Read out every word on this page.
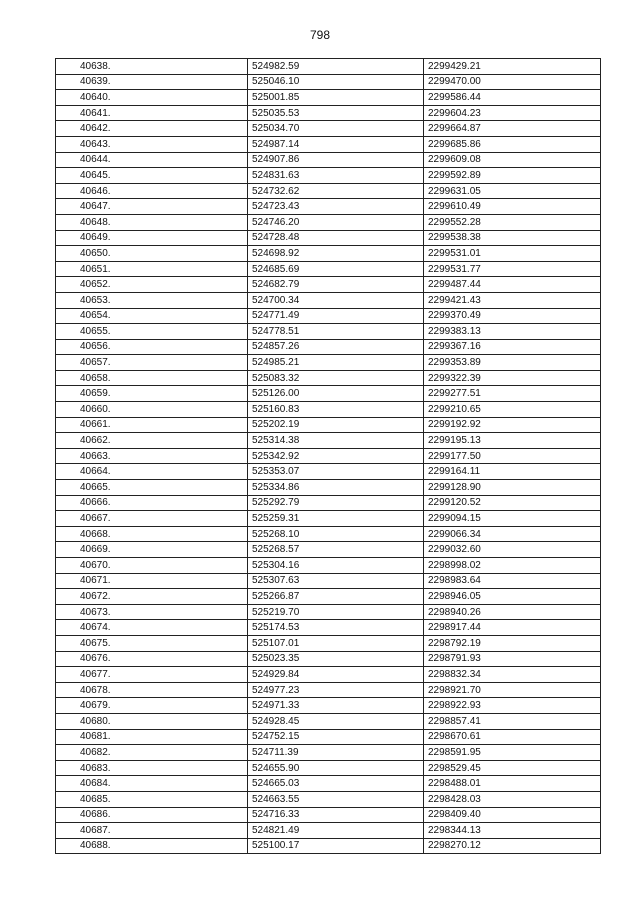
798
40638.	524982.59	2299429.21
40639.	525046.10	2299470.00
40640.	525001.85	2299586.44
40641.	525035.53	2299604.23
40642.	525034.70	2299664.87
40643.	524987.14	2299685.86
40644.	524907.86	2299609.08
40645.	524831.63	2299592.89
40646.	524732.62	2299631.05
40647.	524723.43	2299610.49
40648.	524746.20	2299552.28
40649.	524728.48	2299538.38
40650.	524698.92	2299531.01
40651.	524685.69	2299531.77
40652.	524682.79	2299487.44
40653.	524700.34	2299421.43
40654.	524771.49	2299370.49
40655.	524778.51	2299383.13
40656.	524857.26	2299367.16
40657.	524985.21	2299353.89
40658.	525083.32	2299322.39
40659.	525126.00	2299277.51
40660.	525160.83	2299210.65
40661.	525202.19	2299192.92
40662.	525314.38	2299195.13
40663.	525342.92	2299177.50
40664.	525353.07	2299164.11
40665.	525334.86	2299128.90
40666.	525292.79	2299120.52
40667.	525259.31	2299094.15
40668.	525268.10	2299066.34
40669.	525268.57	2299032.60
40670.	525304.16	2298998.02
40671.	525307.63	2298983.64
40672.	525266.87	2298946.05
40673.	525219.70	2298940.26
40674.	525174.53	2298917.44
40675.	525107.01	2298792.19
40676.	525023.35	2298791.93
40677.	524929.84	2298832.34
40678.	524977.23	2298921.70
40679.	524971.33	2298922.93
40680.	524928.45	2298857.41
40681.	524752.15	2298670.61
40682.	524711.39	2298591.95
40683.	524655.90	2298529.45
40684.	524665.03	2298488.01
40685.	524663.55	2298428.03
40686.	524716.33	2298409.40
40687.	524821.49	2298344.13
40688.	525100.17	2298270.12
